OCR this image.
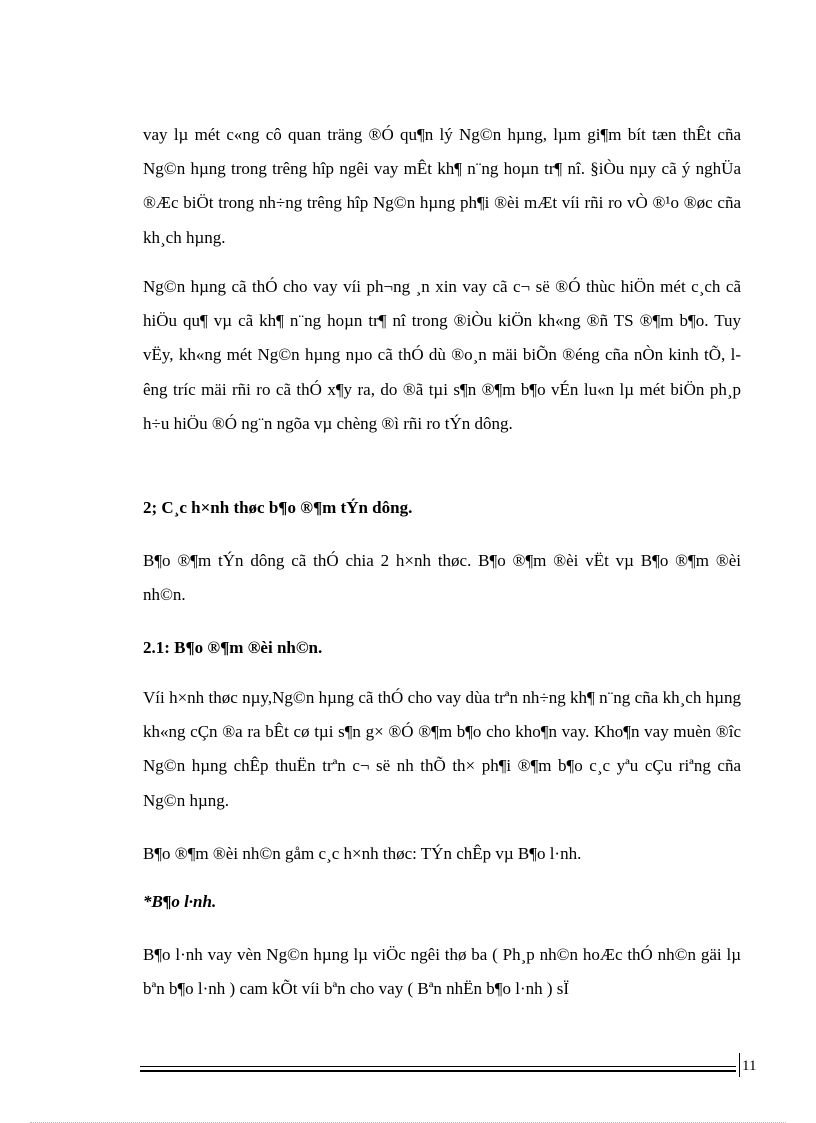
vay lµ mét c«ng cô quan träng ®Ó qu¶n lý Ng©n hµng, lµm gi¶m bít tæn thÊt cña Ng©n hµng trong trêng hîp ngêi vay mÊt kh¶ n¨ng hoµn tr¶ nî. §iÒu nµy cã ý nghÜa ®Æc biÖt trong nh÷ng trêng hîp Ng©n hµng ph¶i ®èi mÆt víi rñi ro vÒ ®¹o ®øc cña kh¸ch hµng.

Ng©n hµng cã thÓ cho vay víi ph¬ng ¸n xin vay cã c¬ së ®Ó thùc hiÖn mét c¸ch cã hiÖu qu¶ vµ cã kh¶ n¨ng hoµn tr¶ nî trong ®iÒu kiÖn kh«ng ®ñ TS ®¶m b¶o. Tuy vËy, kh«ng mét Ng©n hµng nµo cã thÓ dù ®o¸n mäi biÕn ®éng cña nÒn kinh tÕ, lêng tríc mäi rñi ro cã thÓ x¶y ra, do ®ã tµi s¶n ®¶m b¶o vÉn lu«n lµ mét biÖn ph¸p h÷u hiÖu ®Ó ng¨n ngõa vµ chèng ®ì rñi ro tÝn dông.

2; C¸c h×nh thøc b¶o ®¶m tÝn dông.

B¶o ®¶m tÝn dông cã thÓ chia 2 h×nh thøc. B¶o ®¶m ®èi vËt vµ B¶o ®¶m ®èi nh©n.

2.1: B¶o ®¶m ®èi nh©n.

Víi h×nh thøc nµy,Ng©n hµng cã thÓ cho vay dùa trªn nh÷ng kh¶ n¨ng cña kh¸ch hµng kh«ng cÇn ®a ra bÊt cø tµi s¶n g× ®Ó ®¶m b¶o cho kho¶n vay. Kho¶n vay muèn ®îc Ng©n hµng chÊp thuËn trªn c¬ së nh thÕ th× ph¶i ®¶m b¶o c¸c yªu cÇu riªng cña Ng©n hµng.

B¶o ®¶m ®èi nh©n gåm c¸c h×nh thøc: TÝn chÊp vµ B¶o l·nh.

*B¶o l·nh.

B¶o l·nh vay vèn Ng©n hµng lµ viÖc ngêi thø ba ( Ph¸p nh©n hoÆc thÓ nh©n gäi lµ bªn b¶o l·nh ) cam kÕt víi bªn cho vay ( Bªn nhËn b¶o l·nh ) sÏ

11
